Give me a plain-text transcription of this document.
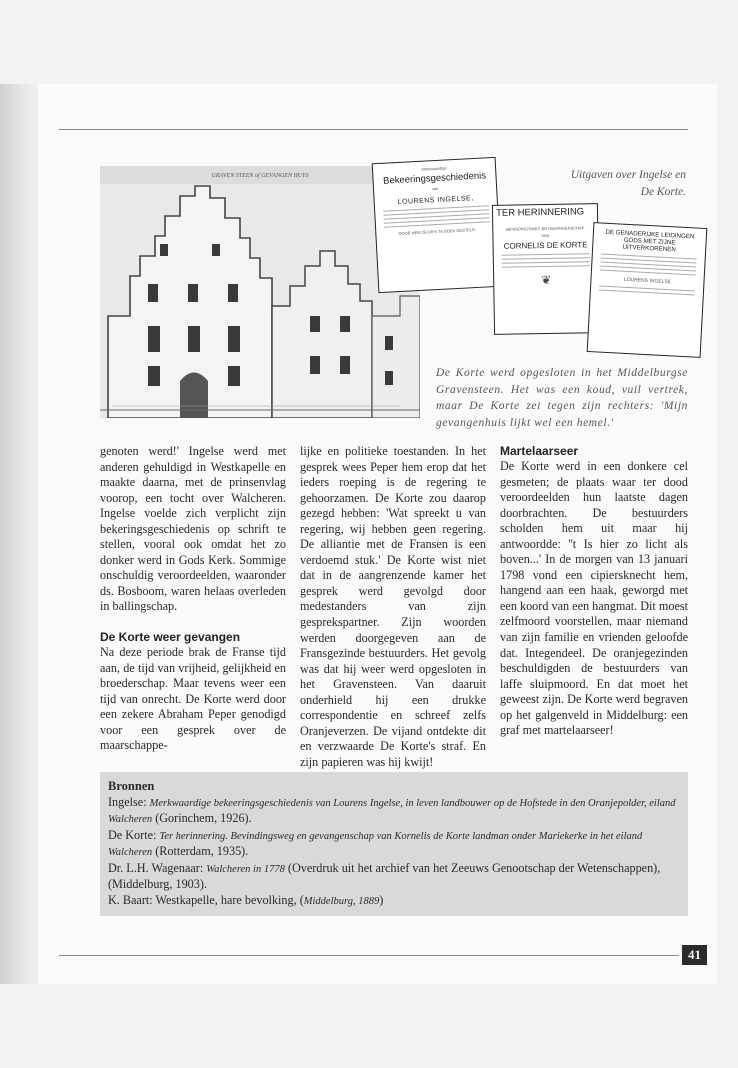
GRAVEN STEEN of GEVANGEN HUYS
Merkwaardige
Bekeeringsgeschiedenis
van
LOURENS INGELSE,
DOOR HEM ZELVEN TE BOEK GESTELD.
TER HERINNERING
BEVINDINGSWEG EN GEVANGENSCHAP
VAN
CORNELIS DE KORTE
❦
DE GENADERIJKE LEIDINGEN GODS MET ZIJNE UITVERKORENEN
LOURENS INGELSE
Uitgaven over Ingelse en De Korte.
De Korte werd opgesloten in het Middelburgse Gravensteen. Het was een koud, vuil vertrek, maar De Korte zei tegen zijn rechters: 'Mijn gevangenhuis lijkt wel een hemel.'

genoten werd!' Ingelse werd met anderen gehuldigd in Westkapelle en maakte daarna, met de prinsenvlag voorop, een tocht over Walcheren. Ingelse voelde zich verplicht zijn bekeringsgeschiedenis op schrift te stellen, vooral ook omdat het zo donker werd in Gods Kerk. Sommige onschuldig veroordeelden, waaronder ds. Bosboom, waren helaas overleden in ballingschap.

De Korte weer gevangen

Na deze periode brak de Franse tijd aan, de tijd van vrijheid, gelijkheid en broederschap. Maar tevens weer een tijd van onrecht. De Korte werd door een zekere Abraham Peper genodigd voor een gesprek over de maarschappe-

lijke en politieke toestanden. In het gesprek wees Peper hem erop dat het ieders roeping is de regering te gehoorzamen. De Korte zou daarop gezegd hebben: 'Wat spreekt u van regering, wij hebben geen regering. De alliantie met de Fransen is een verdoemd stuk.' De Korte wist niet dat in de aangrenzende kamer het gesprek werd gevolgd door medestanders van zijn gesprekspartner. Zijn woorden werden doorgegeven aan de Fransgezinde bestuurders. Het gevolg was dat hij weer werd opgesloten in het Gravensteen. Van daaruit onderhield hij een drukke correspondentie en schreef zelfs Oranjeverzen. De vijand ontdekte dit en verzwaarde De Korte's straf. En zijn papieren was hij kwijt!

Martelaarseer

De Korte werd in een donkere cel gesmeten; de plaats waar ter dood veroordeelden hun laatste dagen doorbrachten. De bestuurders scholden hem uit maar hij antwoordde: ''t Is hier zo licht als boven...' In de morgen van 13 januari 1798 vond een cipiersknecht hem, hangend aan een haak, geworgd met een koord van een hangmat. Dit moest zelfmoord voorstellen, maar niemand van zijn familie en vrienden geloofde dat. Integendeel. De oranjegezinden beschuldigden de bestuurders van laffe sluipmoord. En dat moet het geweest zijn. De Korte werd begraven op het galgenveld in Middelburg: een graf met martelaarseer!

Bronnen

Ingelse: Merkwaardige bekeeringsgeschiedenis van Lourens Ingelse, in leven landbouwer op de Hofstede in den Oranjepolder, eiland Walcheren (Gorinchem, 1926).

De Korte: Ter herinnering. Bevindingsweg en gevangenschap van Kornelis de Korte landman onder Mariekerke in het eiland Walcheren (Rotterdam, 1935).

Dr. L.H. Wagenaar: Walcheren in 1778 (Overdruk uit het archief van het Zeeuws Genootschap der Wetenschappen),(Middelburg, 1903).

K. Baart: Westkapelle, hare bevolking, (Middelburg, 1889)

41
